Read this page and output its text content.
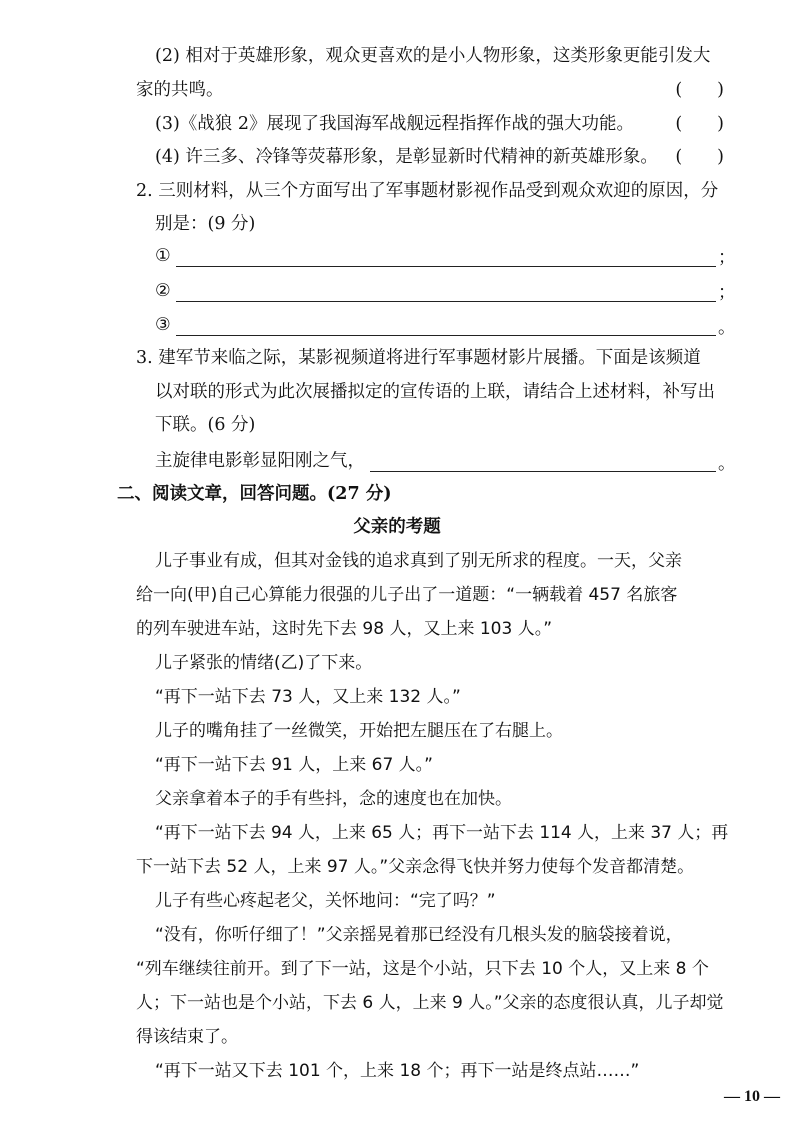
(2) 相对于英雄形象，观众更喜欢的是小人物形象，这类形象更能引发大
家的共鸣。	(　　)
(3)《战狼 2》展现了我国海军战舰远程指挥作战的强大功能。 (　　)
(4) 许三多、冷锋等荧幕形象，是彰显新时代精神的新英雄形象。 (　　)
2. 三则材料，从三个方面写出了军事题材影视作品受到观众欢迎的原因，分
别是：(9 分)
①	；
②	；
③	。
3. 建军节来临之际，某影视频道将进行军事题材影片展播。下面是该频道
以对联的形式为此次展播拟定的宣传语的上联，请结合上述材料，补写出
下联。(6 分)
主旋律电影彰显阳刚之气，	。
二、阅读文章，回答问题。(27 分)
父亲的考题
儿子事业有成，但其对金钱的追求真到了别无所求的程度。一天，父亲
给一向(甲)自己心算能力很强的儿子出了一道题：“一辆载着 457 名旅客
的列车驶进车站，这时先下去 98 人，又上来 103 人。”
儿子紧张的情绪(乙)了下来。
“再下一站下去 73 人，又上来 132 人。”
儿子的嘴角挂了一丝微笑，开始把左腿压在了右腿上。
“再下一站下去 91 人，上来 67 人。”
父亲拿着本子的手有些抖，念的速度也在加快。
“再下一站下去 94 人，上来 65 人；再下一站下去 114 人，上来 37 人；再
下一站下去 52 人，上来 97 人。”父亲念得飞快并努力使每个发音都清楚。
儿子有些心疼起老父，关怀地问：“完了吗？”
“没有，你听仔细了！”父亲摇晃着那已经没有几根头发的脑袋接着说，
“列车继续往前开。到了下一站，这是个小站，只下去 10 个人，又上来 8 个
人；下一站也是个小站，下去 6 人，上来 9 人。”父亲的态度很认真，儿子却觉
得该结束了。
“再下一站又下去 101 个，上来 18 个；再下一站是终点站……”
— 10 —
